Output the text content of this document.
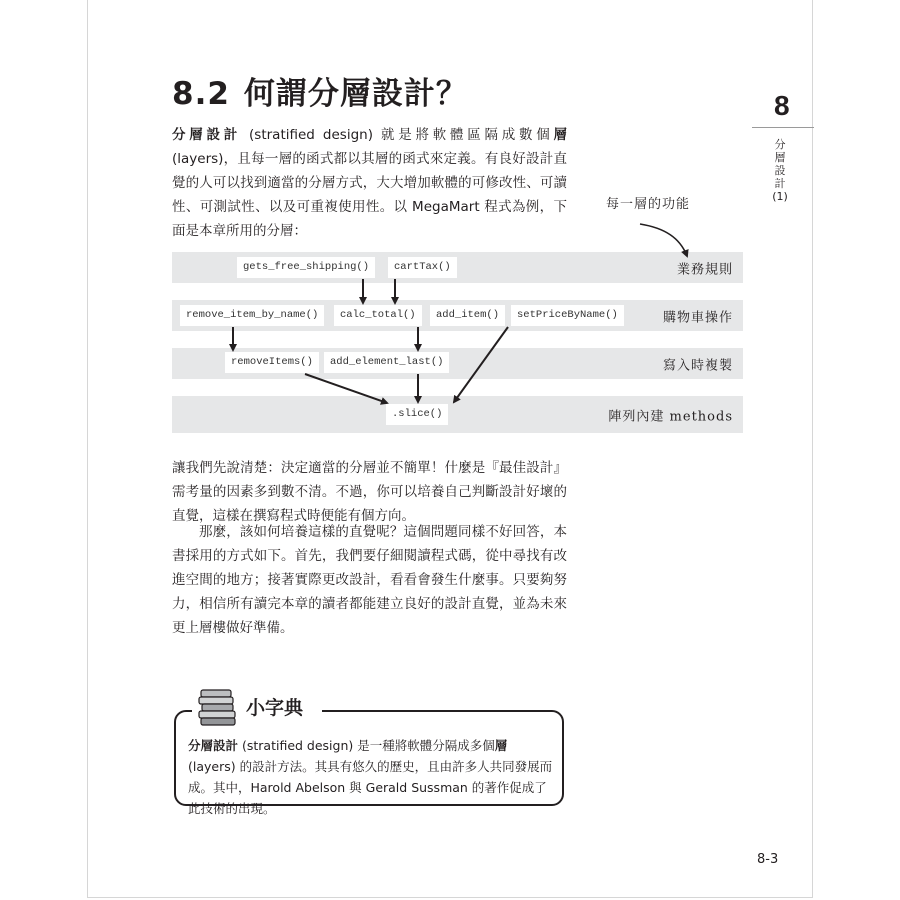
8.2 何謂分層設計？	8
分層設計
(1)

分層設計 (stratified design) 就是將軟體區隔成數個層 (layers)，且每一層的函式都以其層的函式來定義。有良好設計直覺的人可以找到適當的分層方式，大大增加軟體的可修改性、可讀性、可測試性、以及可重複使用性。以 MegaMart 程式為例，下面是本章所用的分層：

每一層的功能
業務規則
購物車操作
寫入時複製
陣列內建 methods
gets_free_shipping()	cartTax()
remove_item_by_name()	calc_total()	add_item()	setPriceByName()
removeItems()	add_element_last()
.slice()

讓我們先說清楚：決定適當的分層並不簡單！什麼是『最佳設計』需考量的因素多到數不清。不過，你可以培養自己判斷設計好壞的直覺，這樣在撰寫程式時便能有個方向。

那麼，該如何培養這樣的直覺呢？這個問題同樣不好回答，本書採用的方式如下。首先，我們要仔細閱讀程式碼，從中尋找有改進空間的地方；接著實際更改設計，看看會發生什麼事。只要夠努力，相信所有讀完本章的讀者都能建立良好的設計直覺，並為未來更上層樓做好準備。

小字典

分層設計 (stratified design) 是一種將軟體分隔成多個層 (layers) 的設計方法。其具有悠久的歷史，且由許多人共同發展而成。其中，Harold Abelson 與 Gerald Sussman 的著作促成了此技術的出現。

8-3
